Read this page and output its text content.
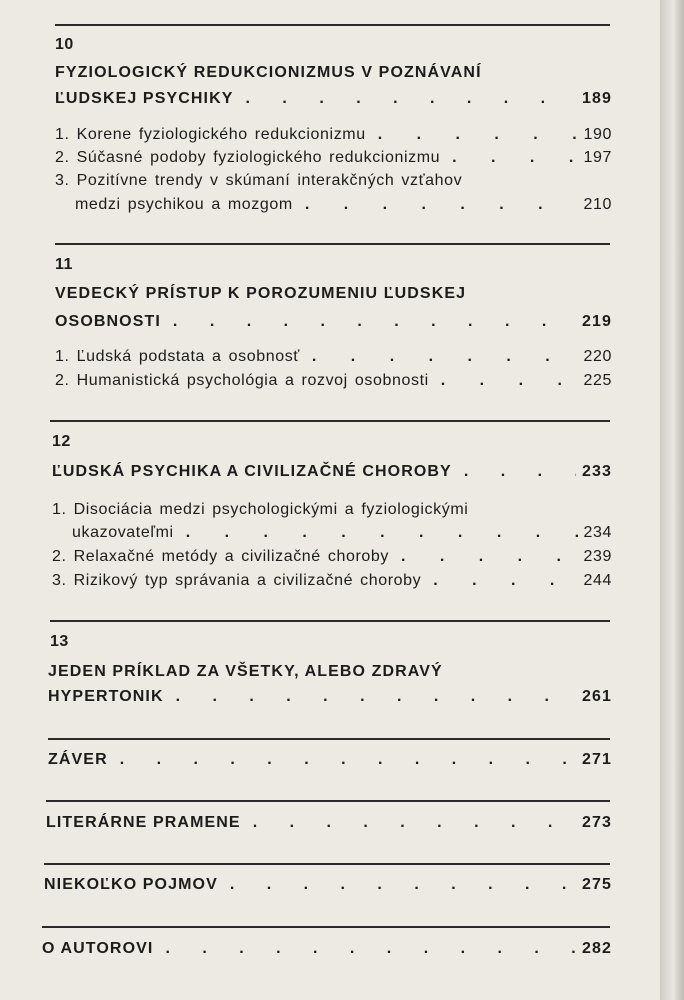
10
FYZIOLOGICKÝ REDUKCIONIZMUS V POZNÁVANÍ
ĽUDSKEJ PSYCHIKY . . .	189
1. Korene fyziologického redukcionizmu . . .	190
2. Súčasné podoby fyziologického redukcionizmu . . .	197
3. Pozitívne trendy v skúmaní interakčných vzťahov
medzi psychikou a mozgom . . .	210
11
VEDECKÝ PRÍSTUP K POROZUMENIU ĽUDSKEJ
OSOBNOSTI . . .	219
1. Ľudská podstata a osobnosť . . .	220
2. Humanistická psychológia a rozvoj osobnosti . . .	225
12
ĽUDSKÁ PSYCHIKA A CIVILIZAČNÉ CHOROBY . . .	233
1. Disociácia medzi psychologickými a fyziologickými
ukazovateľmi . . .	234
2. Relaxačné metódy a civilizačné choroby . . .	239
3. Rizikový typ správania a civilizačné choroby . . .	244
13
JEDEN PRÍKLAD ZA VŠETKY, ALEBO ZDRAVÝ
HYPERTONIK . . .	261
ZÁVER . . .	271
LITERÁRNE PRAMENE . . .	273
NIEKOĽKO POJMOV . . .	275
O AUTOROVI . . .	282
